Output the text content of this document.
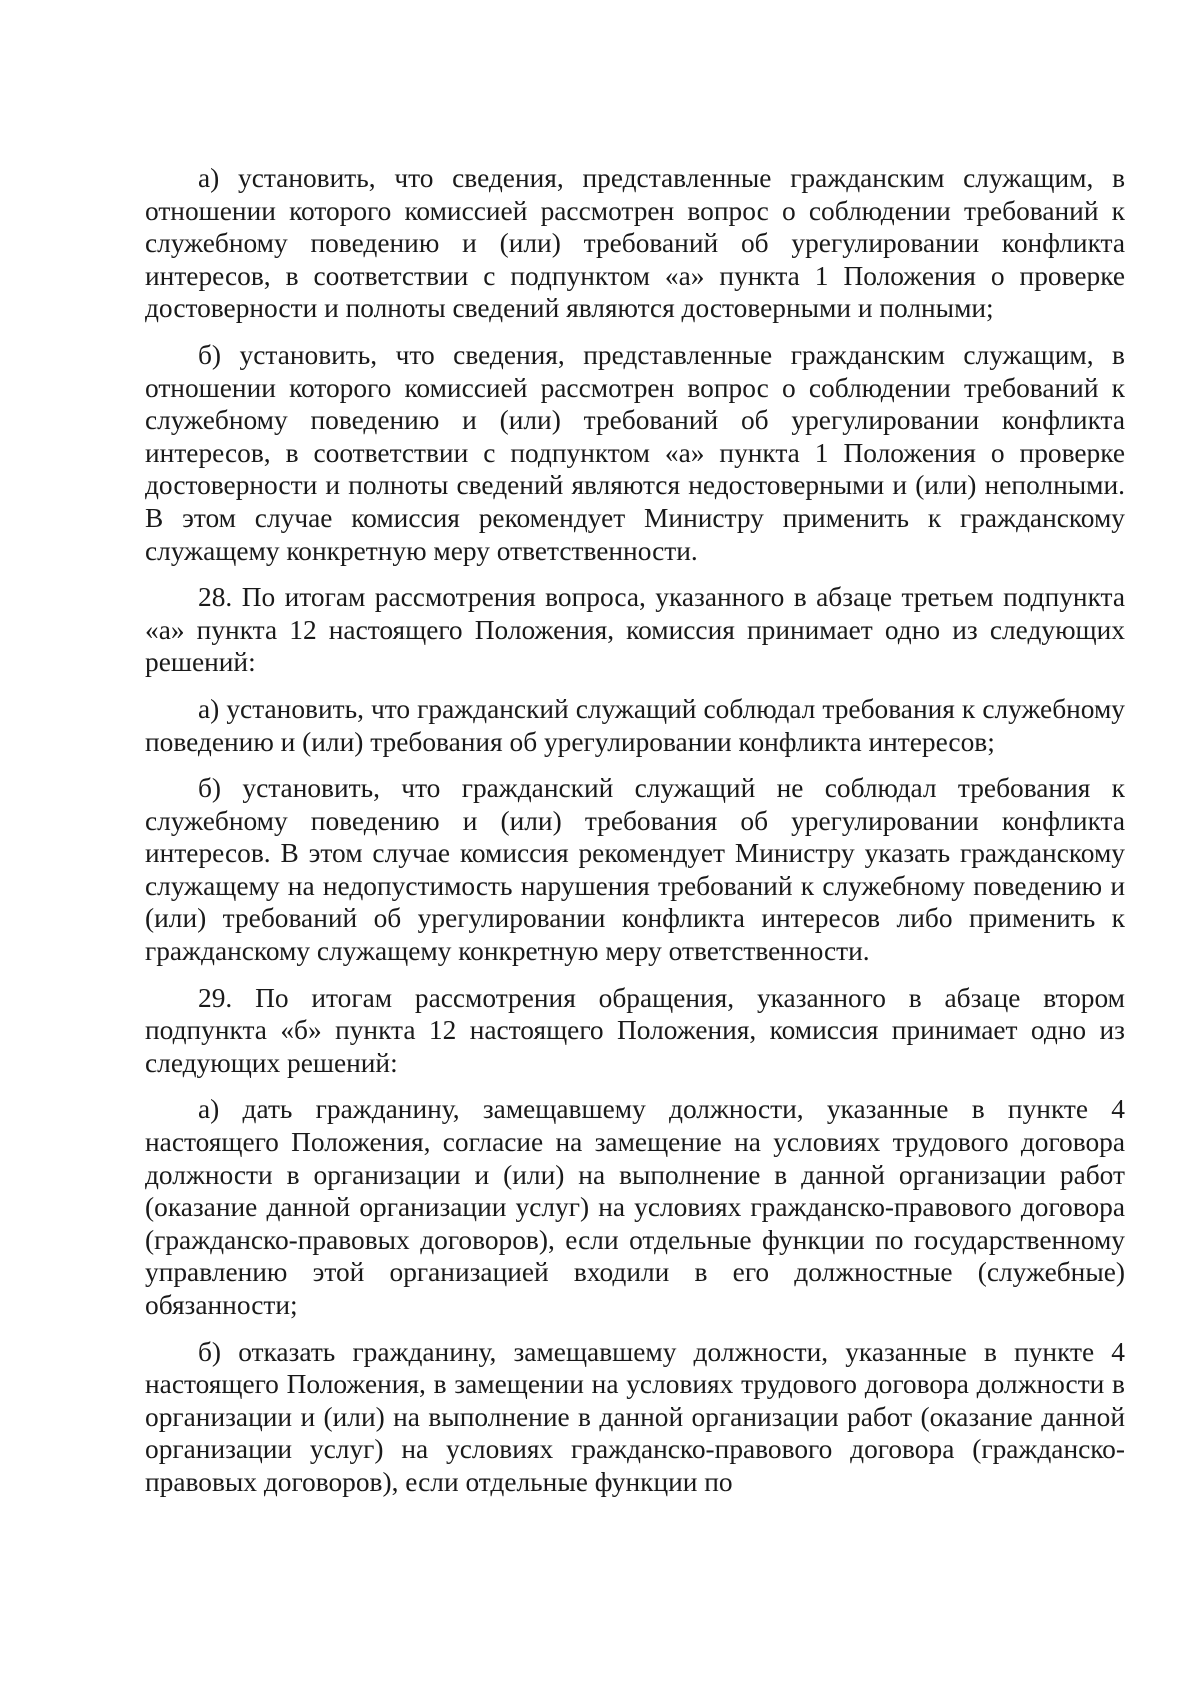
а) установить, что сведения, представленные гражданским служащим, в отношении которого комиссией рассмотрен вопрос о соблюдении требований к служебному поведению и (или) требований об урегулировании конфликта интересов, в соответствии с подпунктом «а» пункта 1 Положения о проверке достоверности и полноты сведений являются достоверными и полными;

б) установить, что сведения, представленные гражданским служащим, в отношении которого комиссией рассмотрен вопрос о соблюдении требований к служебному поведению и (или) требований об урегулировании конфликта интересов, в соответствии с подпунктом «а» пункта 1 Положения о проверке достоверности и полноты сведений являются недостоверными и (или) неполными. В этом случае комиссия рекомендует Министру применить к гражданскому служащему конкретную меру ответственности.

28. По итогам рассмотрения вопроса, указанного в абзаце третьем подпункта «а» пункта 12 настоящего Положения, комиссия принимает одно из следующих решений:

а) установить, что гражданский служащий соблюдал требования к служебному поведению и (или) требования об урегулировании конфликта интересов;

б) установить, что гражданский служащий не соблюдал требования к служебному поведению и (или) требования об урегулировании конфликта интересов. В этом случае комиссия рекомендует Министру указать гражданскому служащему на недопустимость нарушения требований к служебному поведению и (или) требований об урегулировании конфликта интересов либо применить к гражданскому служащему конкретную меру ответственности.

29. По итогам рассмотрения обращения, указанного в абзаце втором подпункта «б» пункта 12 настоящего Положения, комиссия принимает одно из следующих решений:

а) дать гражданину, замещавшему должности, указанные в пункте 4 настоящего Положения, согласие на замещение на условиях трудового договора должности в организации и (или) на выполнение в данной организации работ (оказание данной организации услуг) на условиях гражданско-правового договора (гражданско-правовых договоров), если отдельные функции по государственному управлению этой организацией входили в его должностные (служебные) обязанности;

б) отказать гражданину, замещавшему должности, указанные в пункте 4 настоящего Положения, в замещении на условиях трудового договора должности в организации и (или) на выполнение в данной организации работ (оказание данной организации услуг) на условиях гражданско-правового договора (гражданско-правовых договоров), если отдельные функции по
